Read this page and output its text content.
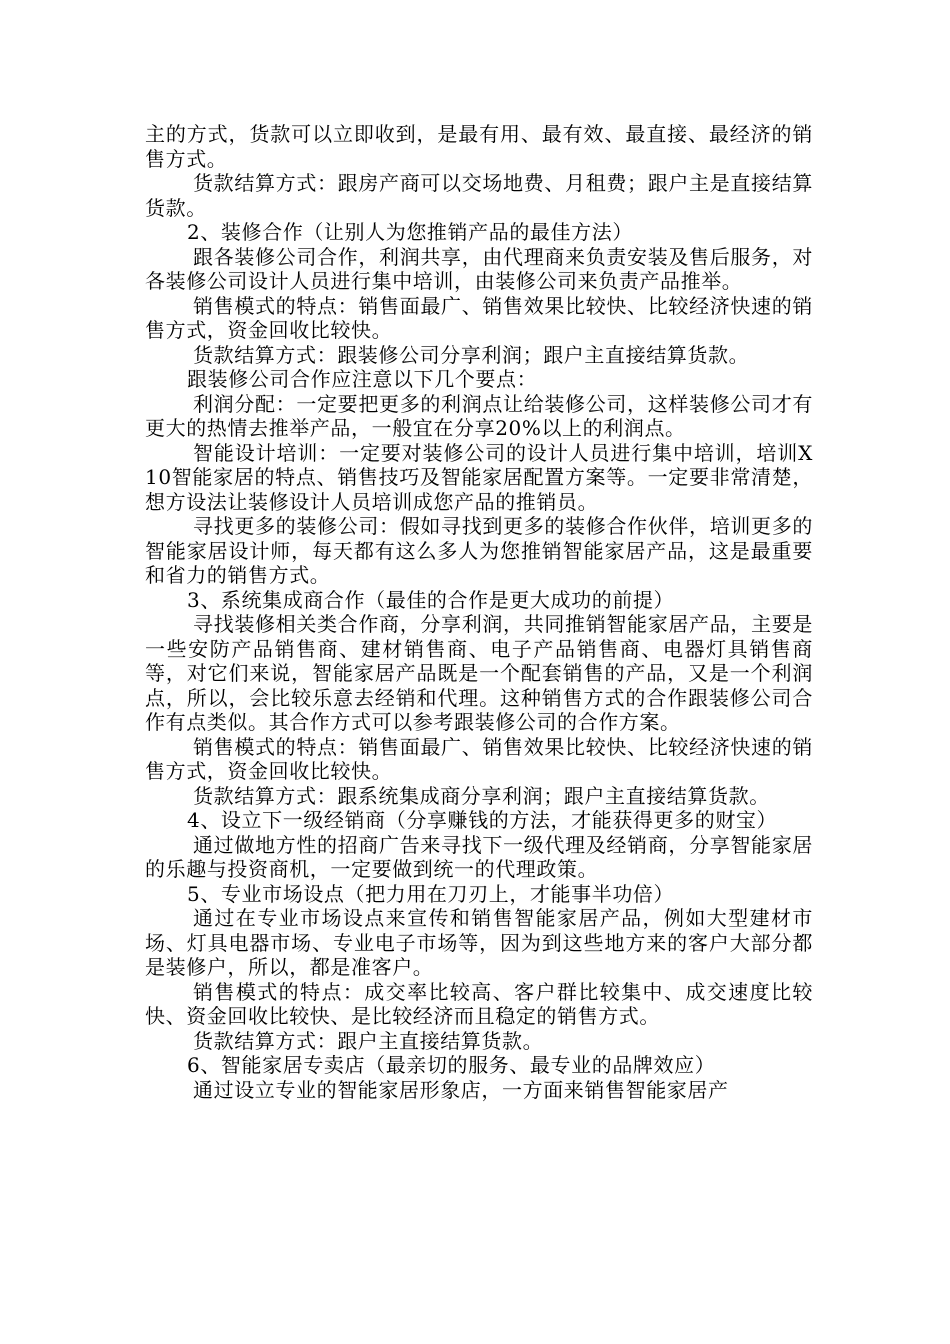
主的方式，货款可以立即收到，是最有用、最有效、最直接、最经济的销售方式。

货款结算方式：跟房产商可以交场地费、月租费；跟户主是直接结算货款。

2、装修合作（让别人为您推销产品的最佳方法）

跟各装修公司合作，利润共享，由代理商来负责安装及售后服务，对各装修公司设计人员进行集中培训，由装修公司来负责产品推举。

销售模式的特点：销售面最广、销售效果比较快、比较经济快速的销售方式，资金回收比较快。

货款结算方式：跟装修公司分享利润；跟户主直接结算货款。

跟装修公司合作应注意以下几个要点：

利润分配：一定要把更多的利润点让给装修公司，这样装修公司才有更大的热情去推举产品，一般宜在分享20%以上的利润点。

智能设计培训：一定要对装修公司的设计人员进行集中培训，培训X10智能家居的特点、销售技巧及智能家居配置方案等。一定要非常清楚，想方设法让装修设计人员培训成您产品的推销员。

寻找更多的装修公司：假如寻找到更多的装修合作伙伴，培训更多的智能家居设计师，每天都有这么多人为您推销智能家居产品，这是最重要和省力的销售方式。

3、系统集成商合作（最佳的合作是更大成功的前提）

寻找装修相关类合作商，分享利润，共同推销智能家居产品，主要是一些安防产品销售商、建材销售商、电子产品销售商、电器灯具销售商等，对它们来说，智能家居产品既是一个配套销售的产品，又是一个利润点，所以，会比较乐意去经销和代理。这种销售方式的合作跟装修公司合作有点类似。其合作方式可以参考跟装修公司的合作方案。

销售模式的特点：销售面最广、销售效果比较快、比较经济快速的销售方式，资金回收比较快。

货款结算方式：跟系统集成商分享利润；跟户主直接结算货款。

4、设立下一级经销商（分享赚钱的方法，才能获得更多的财宝）

通过做地方性的招商广告来寻找下一级代理及经销商，分享智能家居的乐趣与投资商机，一定要做到统一的代理政策。

5、专业市场设点（把力用在刀刃上，才能事半功倍）

通过在专业市场设点来宣传和销售智能家居产品，例如大型建材市场、灯具电器市场、专业电子市场等，因为到这些地方来的客户大部分都是装修户，所以，都是准客户。

销售模式的特点：成交率比较高、客户群比较集中、成交速度比较快、资金回收比较快、是比较经济而且稳定的销售方式。

货款结算方式：跟户主直接结算货款。

6、智能家居专卖店（最亲切的服务、最专业的品牌效应）

通过设立专业的智能家居形象店，一方面来销售智能家居产
